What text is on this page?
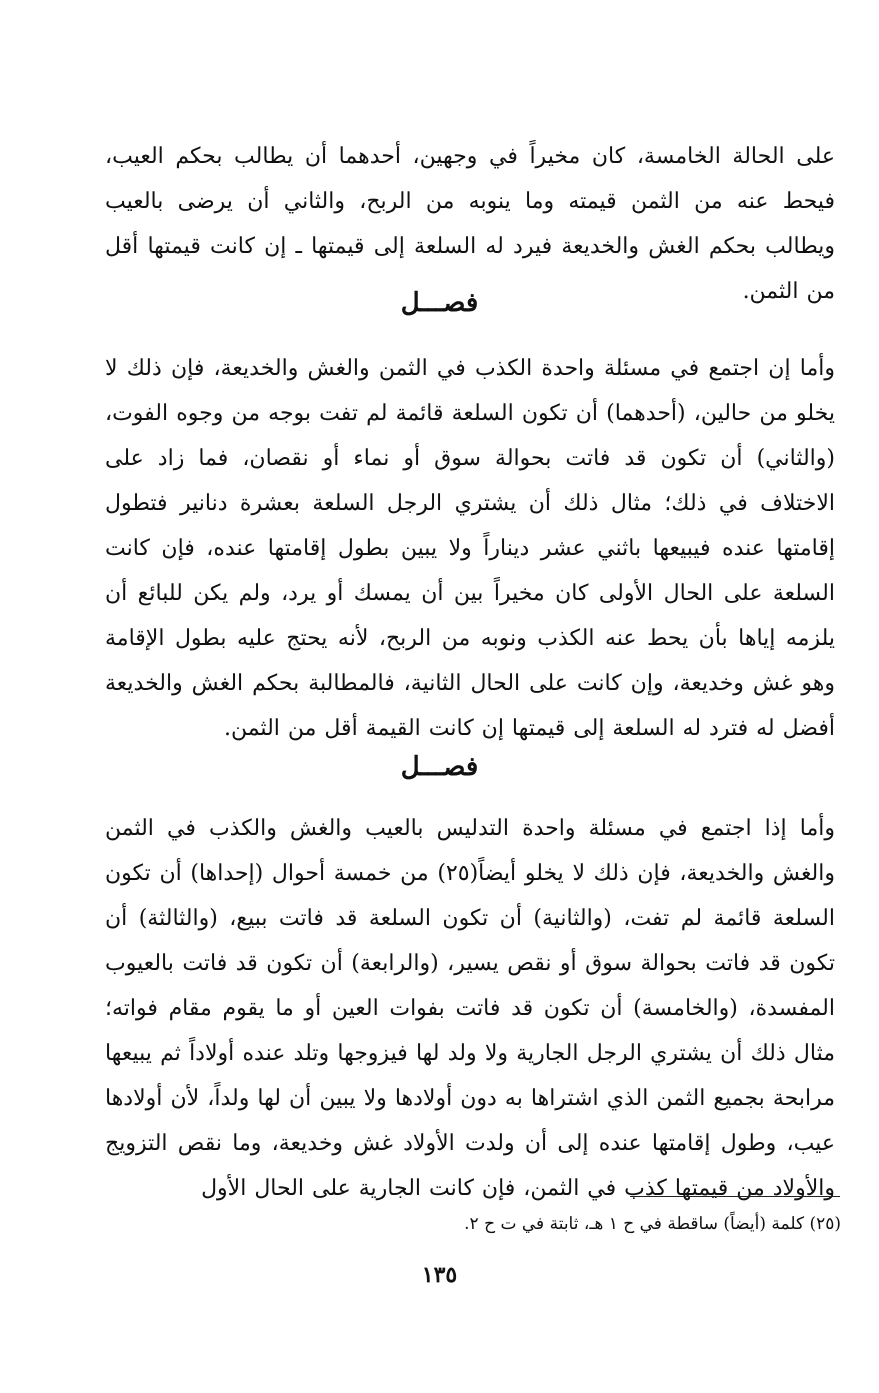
على الحالة الخامسة، كان مخيراً في وجهين، أحدهما أن يطالب بحكم العيب، فيحط عنه من الثمن قيمته وما ينوبه من الربح، والثاني أن يرضى بالعيب ويطالب بحكم الغش والخديعة فيرد له السلعة إلى قيمتها ـ إن كانت قيمتها أقل من الثمن.

فصـــل

وأما إن اجتمع في مسئلة واحدة الكذب في الثمن والغش والخديعة، فإن ذلك لا يخلو من حالين، (أحدهما) أن تكون السلعة قائمة لم تفت بوجه من وجوه الفوت، (والثاني) أن تكون قد فاتت بحوالة سوق أو نماء أو نقصان، فما زاد على الاختلاف في ذلك؛ مثال ذلك أن يشتري الرجل السلعة بعشرة دنانير فتطول إقامتها عنده فيبيعها باثني عشر ديناراً ولا يبين بطول إقامتها عنده، فإن كانت السلعة على الحال الأولى كان مخيراً بين أن يمسك أو يرد، ولم يكن للبائع أن يلزمه إياها بأن يحط عنه الكذب ونوبه من الربح، لأنه يحتج عليه بطول الإقامة وهو غش وخديعة، وإن كانت على الحال الثانية، فالمطالبة بحكم الغش والخديعة أفضل له فترد له السلعة إلى قيمتها إن كانت القيمة أقل من الثمن.

فصـــل

وأما إذا اجتمع في مسئلة واحدة التدليس بالعيب والغش والكذب في الثمن والغش والخديعة، فإن ذلك لا يخلو أيضاً(٢٥) من خمسة أحوال (إحداها) أن تكون السلعة قائمة لم تفت، (والثانية) أن تكون السلعة قد فاتت ببيع، (والثالثة) أن تكون قد فاتت بحوالة سوق أو نقص يسير، (والرابعة) أن تكون قد فاتت بالعيوب المفسدة، (والخامسة) أن تكون قد فاتت بفوات العين أو ما يقوم مقام فواته؛ مثال ذلك أن يشتري الرجل الجارية ولا ولد لها فيزوجها وتلد عنده أولاداً ثم يبيعها مرابحة بجميع الثمن الذي اشتراها به دون أولادها ولا يبين أن لها ولداً، لأن أولادها عيب، وطول إقامتها عنده إلى أن ولدت الأولاد غش وخديعة، وما نقص التزويج والأولاد من قيمتها كذب في الثمن، فإن كانت الجارية على الحال الأول

(٢٥) كلمة (أيضاً) ساقطة في ح ١ هـ، ثابتة في ت ح ٢.
١٣٥
